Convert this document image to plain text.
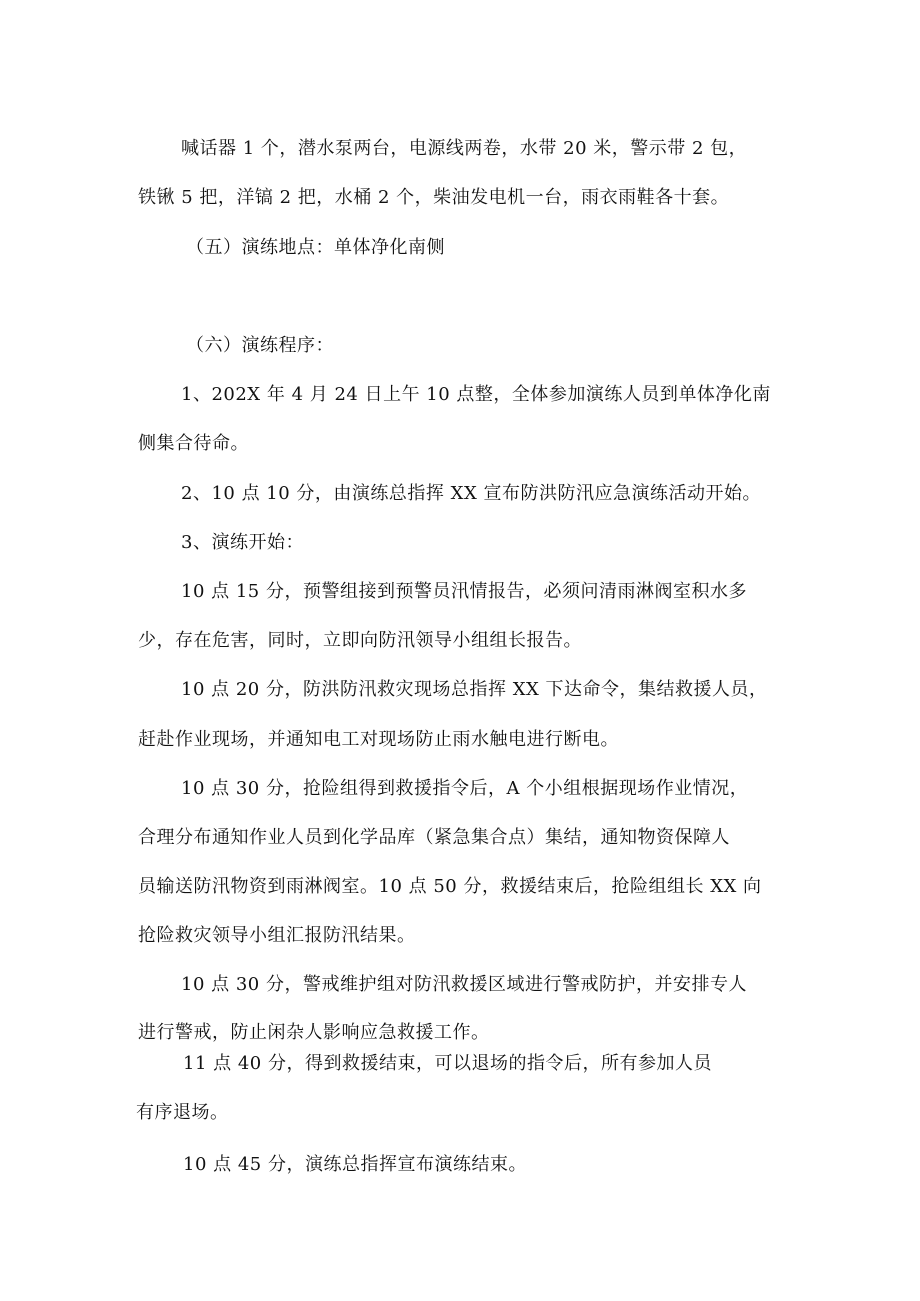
喊话器 1 个，潜水泵两台，电源线两卷，水带 20 米，警示带 2 包，
铁锹 5 把，洋镐 2 把，水桶 2 个，柴油发电机一台，雨衣雨鞋各十套。
（五）演练地点：单体净化南侧
（六）演练程序：
1、202X 年 4 月 24 日上午 10 点整，全体参加演练人员到单体净化南
侧集合待命。
2、10 点 10 分，由演练总指挥 XX 宣布防洪防汛应急演练活动开始。
3、演练开始：
10 点 15 分，预警组接到预警员汛情报告，必须问清雨淋阀室积水多
少，存在危害，同时，立即向防汛领导小组组长报告。
10 点 20 分，防洪防汛救灾现场总指挥 XX 下达命令，集结救援人员，
赶赴作业现场，并通知电工对现场防止雨水触电进行断电。
10 点 30 分，抢险组得到救援指令后，A 个小组根据现场作业情况，
合理分布通知作业人员到化学品库（紧急集合点）集结，通知物资保障人
员输送防汛物资到雨淋阀室。10 点 50 分，救援结束后，抢险组组长 XX 向
抢险救灾领导小组汇报防汛结果。
10 点 30 分，警戒维护组对防汛救援区域进行警戒防护，并安排专人
进行警戒，防止闲杂人影响应急救援工作。
11 点 40 分，得到救援结束，可以退场的指令后，所有参加人员
有序退场。
10 点 45 分，演练总指挥宣布演练结束。
